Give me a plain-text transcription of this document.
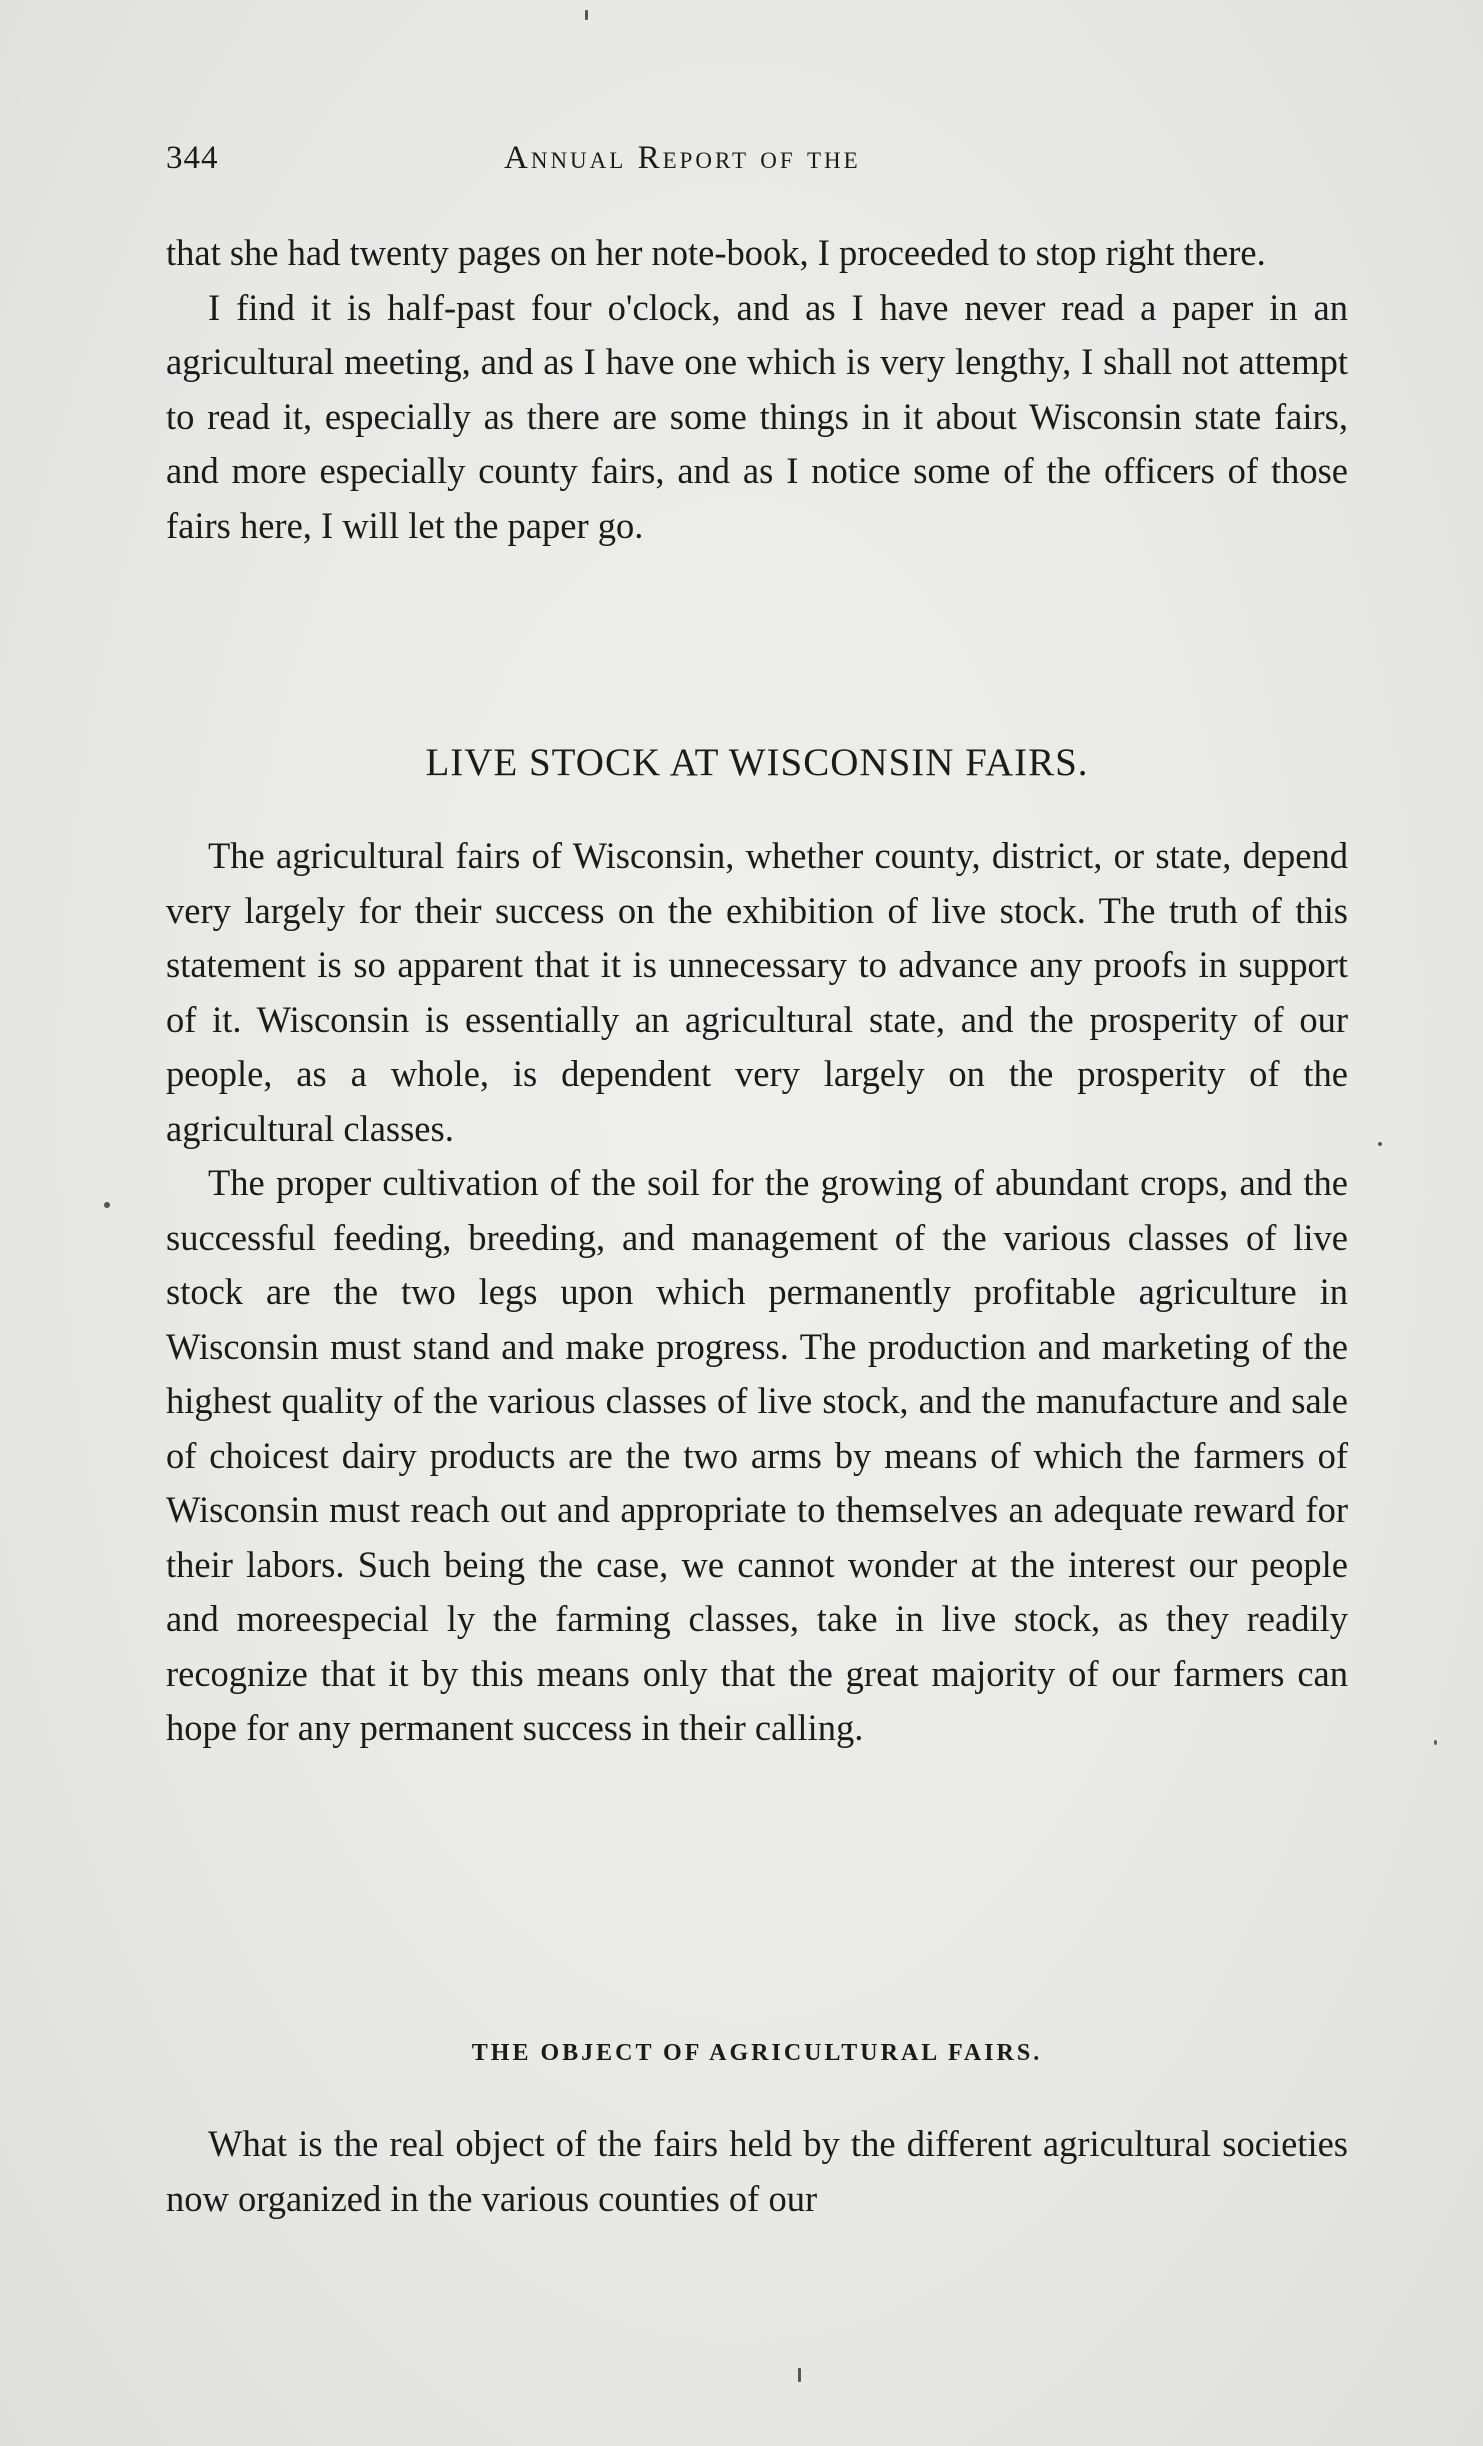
344	Annual Report of the

that she had twenty pages on her note-book, I proceeded to stop right there.

I find it is half-past four o'clock, and as I have never read a paper in an agricultural meeting, and as I have one which is very lengthy, I shall not attempt to read it, especially as there are some things in it about Wisconsin state fairs, and more especially county fairs, and as I notice some of the officers of those fairs here, I will let the paper go.

LIVE STOCK AT WISCONSIN FAIRS.

The agricultural fairs of Wisconsin, whether county, district, or state, depend very largely for their success on the exhibition of live stock. The truth of this statement is so apparent that it is unnecessary to advance any proofs in support of it. Wisconsin is essentially an agricultural state, and the prosperity of our people, as a whole, is dependent very largely on the prosperity of the agricultural classes.

The proper cultivation of the soil for the growing of abundant crops, and the successful feeding, breeding, and management of the various classes of live stock are the two legs upon which permanently profitable agriculture in Wisconsin must stand and make progress. The production and marketing of the highest quality of the various classes of live stock, and the manufacture and sale of choicest dairy products are the two arms by means of which the farmers of Wisconsin must reach out and appropriate to themselves an adequate reward for their labors. Such being the case, we cannot wonder at the interest our people and moreespecial ly the farming classes, take in live stock, as they readily recognize that it by this means only that the great majority of our farmers can hope for any permanent success in their calling.

THE OBJECT OF AGRICULTURAL FAIRS.

What is the real object of the fairs held by the different agricultural societies now organized in the various counties of our
